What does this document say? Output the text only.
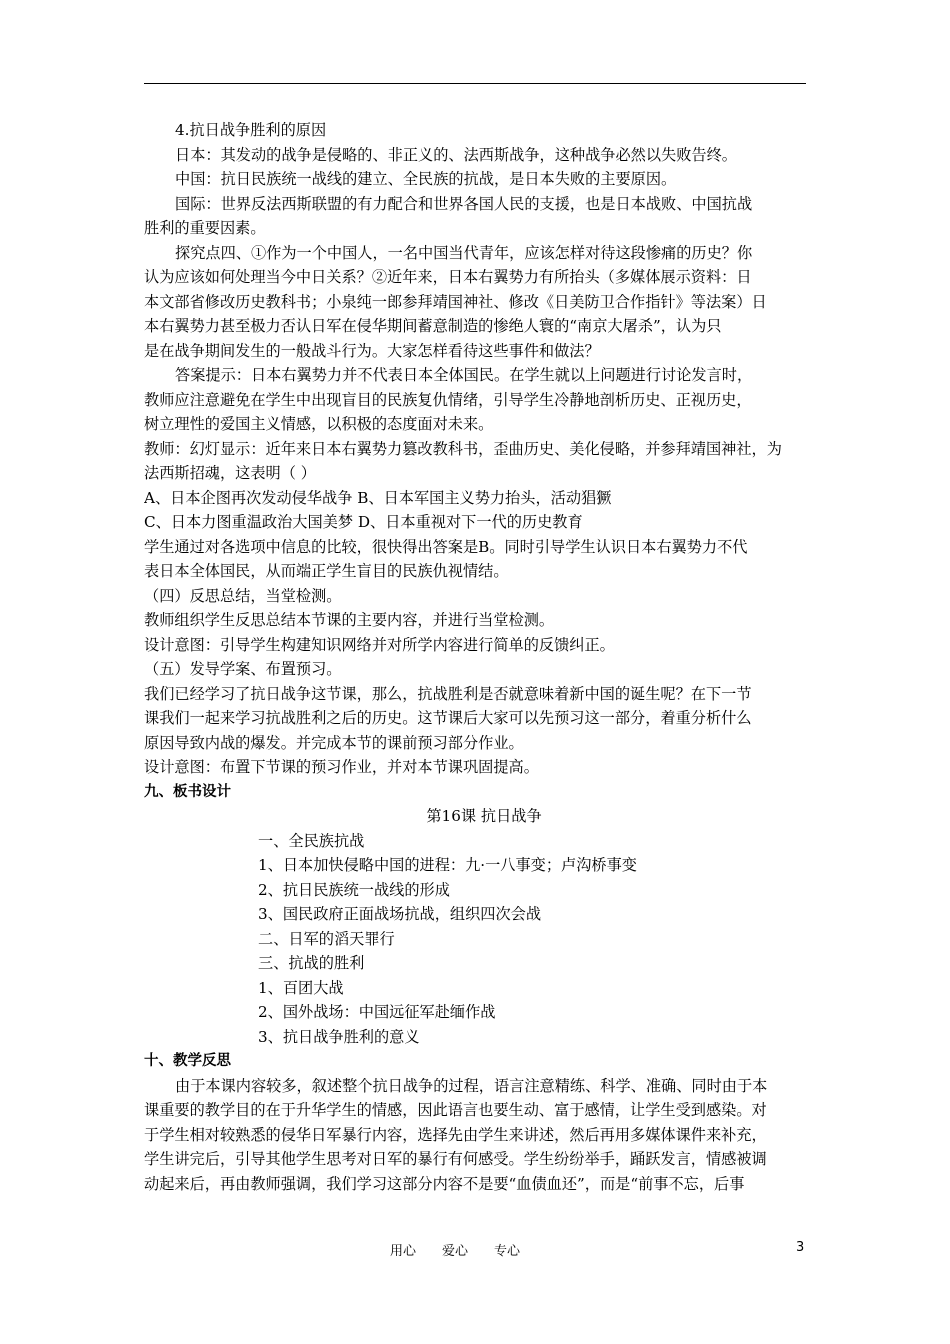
4.抗日战争胜利的原因
日本：其发动的战争是侵略的、非正义的、法西斯战争，这种战争必然以失败告终。
中国：抗日民族统一战线的建立、全民族的抗战，是日本失败的主要原因。
国际：世界反法西斯联盟的有力配合和世界各国人民的支援，也是日本战败、中国抗战
胜利的重要因素。
探究点四、①作为一个中国人，一名中国当代青年，应该怎样对待这段惨痛的历史？你
认为应该如何处理当今中日关系？②近年来，日本右翼势力有所抬头（多媒体展示资料：日
本文部省修改历史教科书；小泉纯一郎参拜靖国神社、修改《日美防卫合作指针》等法案）日
本右翼势力甚至极力否认日军在侵华期间蓄意制造的惨绝人寰的“南京大屠杀”，认为只
是在战争期间发生的一般战斗行为。大家怎样看待这些事件和做法？
答案提示：日本右翼势力并不代表日本全体国民。在学生就以上问题进行讨论发言时，
教师应注意避免在学生中出现盲目的民族复仇情绪，引导学生冷静地剖析历史、正视历史，
树立理性的爱国主义情感，以积极的态度面对未来。
教师：幻灯显示：近年来日本右翼势力篡改教科书，歪曲历史、美化侵略，并参拜靖国神社，为
法西斯招魂，这表明（ ）
A、日本企图再次发动侵华战争 B、日本军国主义势力抬头，活动猖獗
C、日本力图重温政治大国美梦 D、日本重视对下一代的历史教育
学生通过对各选项中信息的比较，很快得出答案是B。同时引导学生认识日本右翼势力不代
表日本全体国民，从而端正学生盲目的民族仇视情结。
（四）反思总结，当堂检测。
教师组织学生反思总结本节课的主要内容，并进行当堂检测。
设计意图：引导学生构建知识网络并对所学内容进行简单的反馈纠正。
（五）发导学案、布置预习。
我们已经学习了抗日战争这节课，那么，抗战胜利是否就意味着新中国的诞生呢？在下一节
课我们一起来学习抗战胜利之后的历史。这节课后大家可以先预习这一部分，着重分析什么
原因导致内战的爆发。并完成本节的课前预习部分作业。
设计意图：布置下节课的预习作业，并对本节课巩固提高。
九、板书设计
第16课 抗日战争
一、全民族抗战
1、日本加快侵略中国的进程：九·一八事变；卢沟桥事变
2、抗日民族统一战线的形成
3、国民政府正面战场抗战，组织四次会战
二、日军的滔天罪行
三、抗战的胜利
1、百团大战
2、国外战场：中国远征军赴缅作战
3、抗日战争胜利的意义
十、教学反思
由于本课内容较多，叙述整个抗日战争的过程，语言注意精练、科学、准确、同时由于本
课重要的教学目的在于升华学生的情感，因此语言也要生动、富于感情，让学生受到感染。对
于学生相对较熟悉的侵华日军暴行内容，选择先由学生来讲述，然后再用多媒体课件来补充，
学生讲完后，引导其他学生思考对日军的暴行有何感受。学生纷纷举手，踊跃发言，情感被调
动起来后，再由教师强调，我们学习这部分内容不是要“血债血还”，而是“前事不忘，后事
用心 爱心 专心	3
